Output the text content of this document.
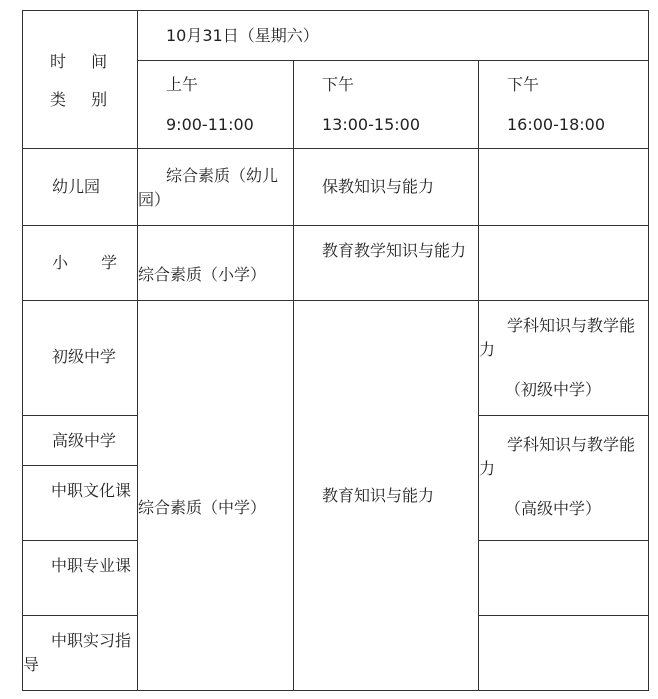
时 间
类 别
10月31日（星期六）
上午
9:00-11:00
下午
13:00-15:00
下午
16:00-18:00
幼儿园
综合素质（幼儿园）
保教知识与能力
小 学
综合素质（小学）
教育教学知识与能力
初级中学
学科知识与教学能力
（初级中学）
高级中学	学科知识与教学能力
（高级中学）
中职文化课
中职专业课
中职实习指导
综合素质（中学）
教育知识与能力
